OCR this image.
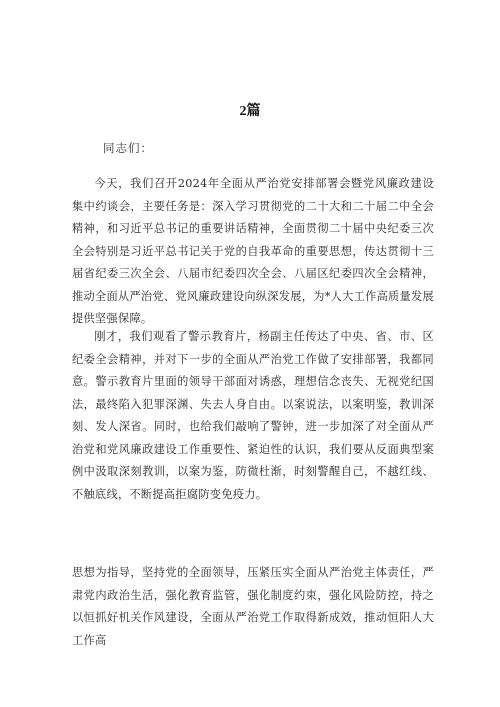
2篇
同志们：

今天，我们召开2024年全面从严治党安排部署会暨党风廉政建设集中约谈会，主要任务是：深入学习贯彻党的二十大和二十届二中全会精神，和习近平总书记的重要讲话精神，全面贯彻二十届中央纪委三次全会特别是习近平总书记关于党的自我革命的重要思想，传达贯彻十三届省纪委三次全会、八届市纪委四次全会、八届区纪委四次全会精神，推动全面从严治党、党风廉政建设向纵深发展，为*人大工作高质量发展提供坚强保障。

刚才，我们观看了警示教育片，杨副主任传达了中央、省、市、区纪委全会精神，并对下一步的全面从严治党工作做了安排部署，我都同意。警示教育片里面的领导干部面对诱惑，理想信念丧失、无视党纪国法，最终陷入犯罪深渊、失去人身自由。以案说法，以案明鉴，教训深刻、发人深省。同时，也给我们敲响了警钟，进一步加深了对全面从严治党和党风廉政建设工作重要性、紧迫性的认识，我们要从反面典型案例中汲取深刻教训，以案为鉴，防微杜渐，时刻警醒自己，不越红线、不触底线，不断提高拒腐防变免疫力。

思想为指导，坚持党的全面领导，压紧压实全面从严治党主体责任，严肃党内政治生活，强化教育监管，强化制度约束，强化风险防控，持之以恒抓好机关作风建设，全面从严治党工作取得新成效，推动恒阳人大工作高
